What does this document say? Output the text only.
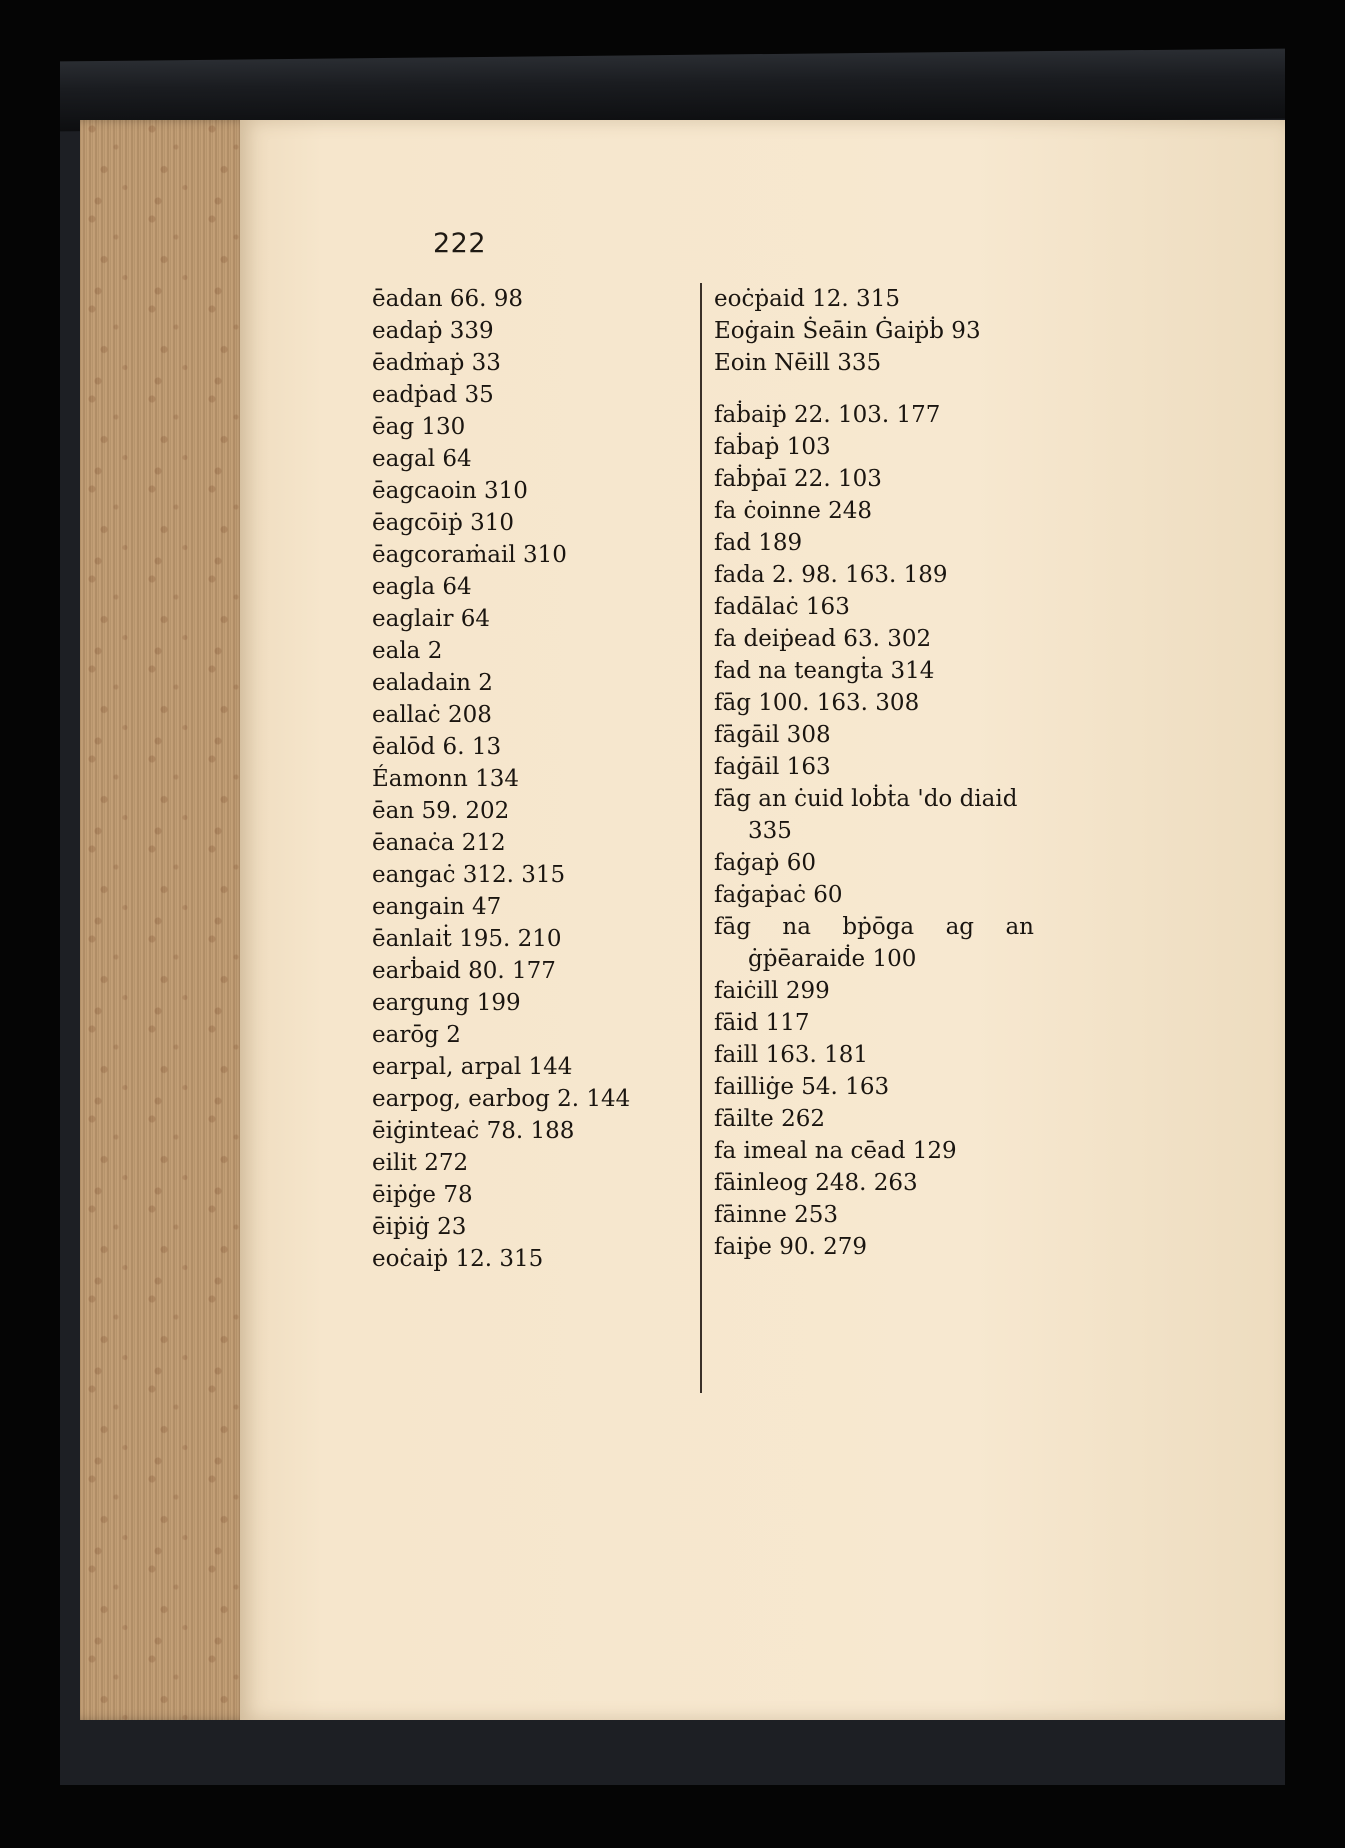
222
ēadan 66. 98
eadaṗ 339
ēadṁaṗ 33
eadṗad 35
ēag 130
eagal 64
ēagcaoin 310
ēagcōiṗ 310
ēagcoraṁail 310
eagla 64
eaglair 64
eala 2
ealadain 2
eallaċ 208
ēalōd 6. 13
Éamonn 134
ēan 59. 202
ēanaċa 212
eangaċ 312. 315
eangain 47
ēanlaiṫ 195. 210
earḃaid 80. 177
eargung 199
earōg 2
earpal, arpal 144
earpog, earbog 2. 144
ēiġinteaċ 78. 188
eilit 272
ēiṗġe 78
ēiṗiġ 23
eoċaiṗ 12. 315
eoċṗaid 12. 315
Eoġain Ṡeāin Ġaiṗḃ 93
Eoin Nēill 335
faḃaiṗ 22. 103. 177
faḃaṗ 103
faḃṗaī 22. 103
fa ċoinne 248
fad 189
fada 2. 98. 163. 189
fadālaċ 163
fa deiṗead 63. 302
fad na teangṫa 314
fāg 100. 163. 308
fāgāil 308
faġāil 163
fāg an ċuid loḃṫa 'do diaid
335
faġaṗ 60
faġaṗaċ 60
fāg na bṗōga ag an
ġṗēaraiḋe 100
faiċill 299
fāid 117
faill 163. 181
failliġe 54. 163
fāilte 262
fa imeal na cēad 129
fāinleog 248. 263
fāinne 253
faiṗe 90. 279
